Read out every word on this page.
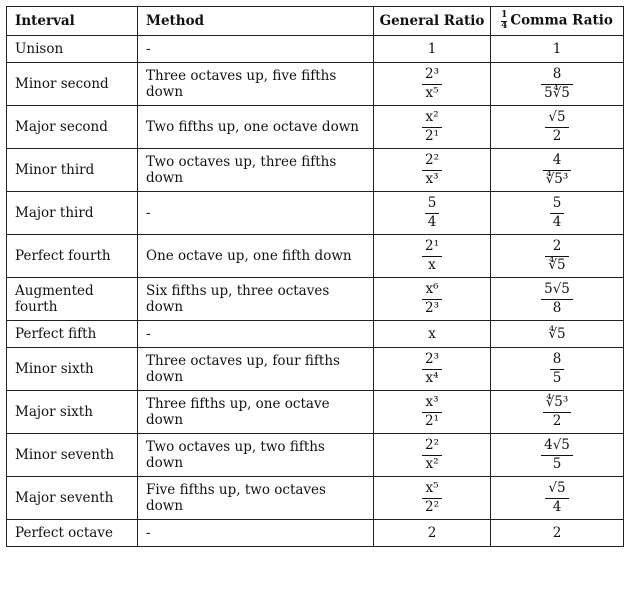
Interval	Method	General Ratio	$\frac{1}{4}$ Comma Ratio
Unison	-	1	1
Minor second	Three octaves up, five fifths down	$\frac{\text{2³}}{\text{x⁵}}$	$\frac{8}{5∜5}$

Major second	Two fifths up, one octave down	$\frac{\text{x²}}{\text{2¹}}$	$\frac{√5}{2}$

Minor third	Two octaves up, three fifths down	$\frac{\text{2²}}{\text{x³}}$	$\frac{4}{\text{∜5³}}$

Major third	-	$\frac{5}{4}$	$\frac{5}{4}$

Perfect fourth	One octave up, one fifth down	$\frac{\text{2¹}}{x}$	$\frac{2}{∜5}$

Augmented fourth	Six fifths up, three octaves down	$\frac{\text{x⁶}}{\text{2³}}$	$\frac{5√5}{8}$

Perfect fifth	-	x	∜5
Minor sixth	Three octaves up, four fifths down	$\frac{\text{2³}}{\text{x⁴}}$	$\frac{8}{5}$

Major sixth	Three fifths up, one octave down	$\frac{\text{x³}}{\text{2¹}}$	$\frac{\text{∜5³}}{2}$

Minor seventh	Two octaves up, two fifths down	$\frac{\text{2²}}{\text{x²}}$	$\frac{4√5}{5}$

Major seventh	Five fifths up, two octaves down	$\frac{\text{x⁵}}{\text{2²}}$	$\frac{√5}{4}$

Perfect octave	-	2	2
